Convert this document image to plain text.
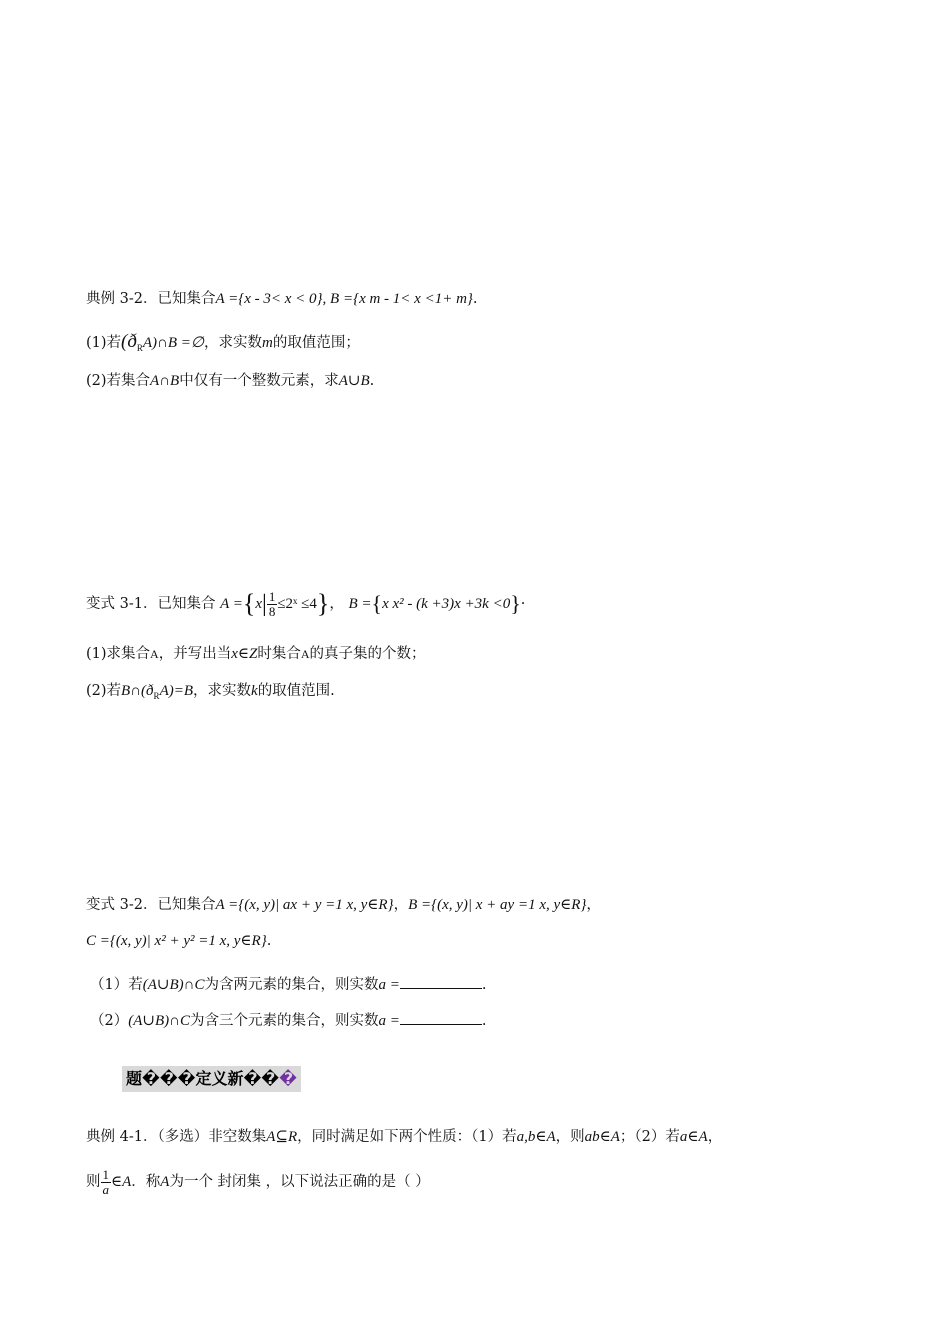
典例 3-2．已知集合A ={x - 3< x < 0}, B ={x m - 1< x <1+ m}.
(1)若$(ð_RA)\cap B$ =∅，求实数m的取值范围；
(2)若集合A∩B中仅有一个整数元素，求A∪B.
变式 3-1．已知集合 $A =\{x| \frac{1}{8}$ ≤2ˣ ≤4}， B ={x x² - (k +3)x +3k <0}·
(1)求集合A，并写出当x∈Z时集合A的真子集的个数；
(2)若$B\cap(ð_RA)=B$，求实数k的取值范围.
变式 3-2．已知集合A ={(x, y)| ax + y =1 x, y∈R}，B ={(x, y)| x + ay =1 x, y∈R}，
C ={(x, y)| x² + y² =1 x, y∈R}.
（1）若(A∪B)∩C为含两元素的集合，则实数a =	.
（2）(A∪B)∩C为含三个元素的集合，则实数a =	.
题���定义新���
典例 4-1．（多选）非空数集A⊆R，同时满足如下两个性质：（1）若a,b∈A，则ab∈A；（2）若a∈A，
则 $\frac{1}{a}$ ∈A．称A为一个 封闭集 ，以下说法正确的是（ ）
